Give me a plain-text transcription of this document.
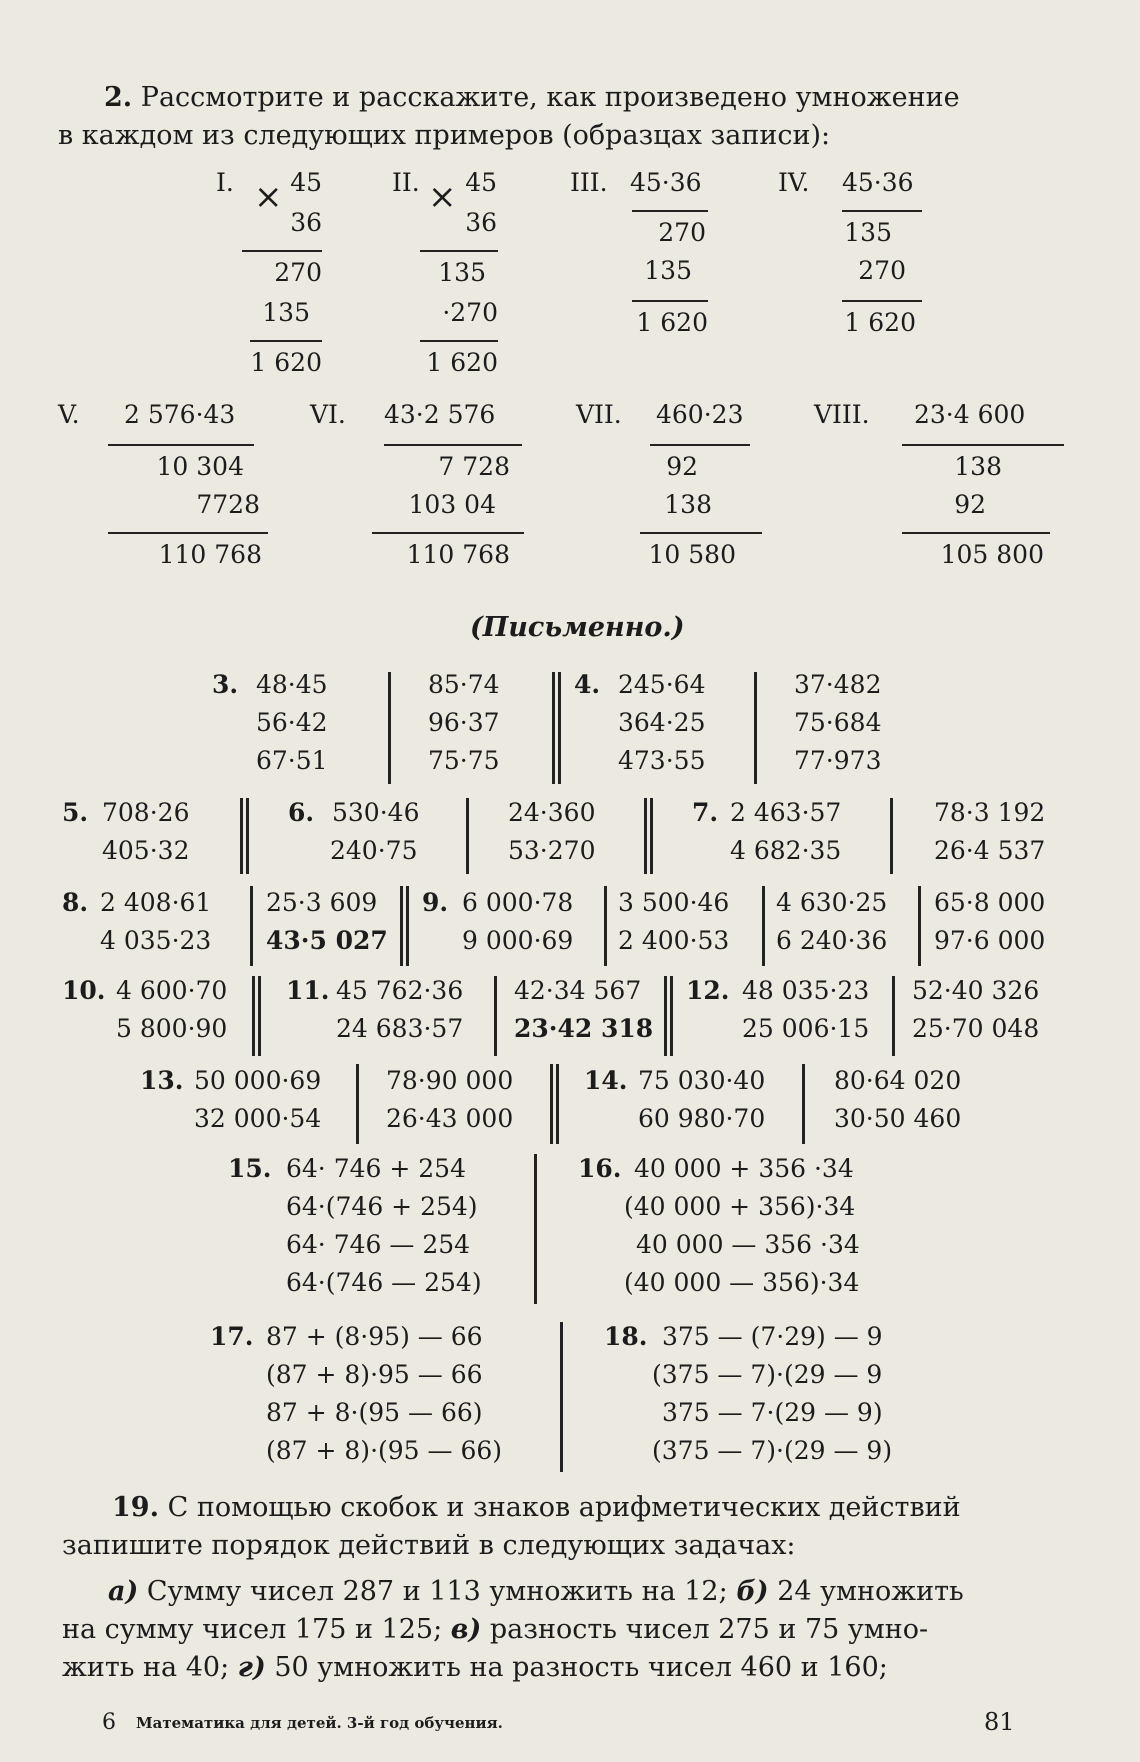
2. Рассмотрите и расскажите, как произведено умножение
в каждом из следующих примеров (образцах записи):
I. × 45
36
270
135
1 620
II. × 45
36
135
·270
1 620
III. 45·36
270
135
1 620
IV. 45·36
135
270
1 620
V. 2 576·43
10 304
7728
110 768
VI. 43·2 576
7 728
103 04
110 768
VII. 460·23
92
138
10 580
VIII. 23·4 600
138
92
105 800
(Письменно.)
3. 48·45
56·42
67·51
85·74
96·37
75·75
4. 245·64
364·25
473·55
37·482
75·684
77·973
5. 708·26
405·32
6. 530·46
240·75
24·360
53·270
7. 2 463·57
4 682·35
78·3 192
26·4 537
8. 2 408·61
4 035·23
25·3 609
43·5 027
9. 6 000·78
9 000·69
3 500·46
2 400·53
4 630·25
6 240·36
65·8 000
97·6 000
10. 4 600·70
5 800·90
11. 45 762·36
24 683·57
42·34 567
23·42 318
12. 48 035·23
25 006·15
52·40 326
25·70 048
13. 50 000·69
32 000·54
78·90 000
26·43 000
14. 75 030·40
60 980·70
80·64 020
30·50 460
15. 64· 746 + 254
64·(746 + 254)
64· 746 — 254
64·(746 — 254)
16. 40 000 + 356 ·34
(40 000 + 356)·34
40 000 — 356 ·34
(40 000 — 356)·34
17. 87 + (8·95) — 66
(87 + 8)·95 — 66
87 + 8·(95 — 66)
(87 + 8)·(95 — 66)
18. 375 — (7·29) — 9
(375 — 7)·(29 — 9
375 — 7·(29 — 9)
(375 — 7)·(29 — 9)
19. С помощью скобок и знаков арифметических действий
запишите порядок действий в следующих задачах:
а) Сумму чисел 287 и 113 умножить на 12; б) 24 умножить
на сумму чисел 175 и 125; в) разность чисел 275 и 75 умно-
жить на 40; г) 50 умножить на разность чисел 460 и 160;
6 Математика для детей. 3-й год обучения.	81
